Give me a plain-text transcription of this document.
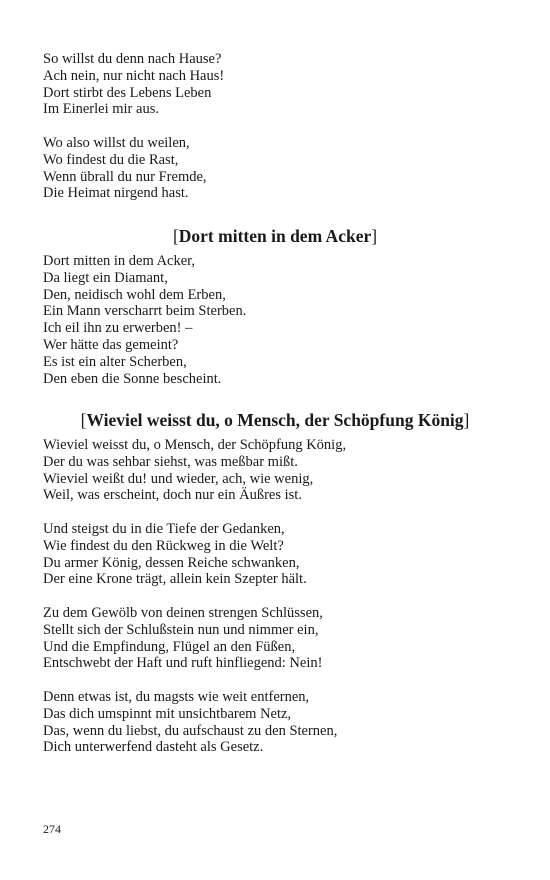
So willst du denn nach Hause?
Ach nein, nur nicht nach Haus!
Dort stirbt des Lebens Leben
Im Einerlei mir aus.
Wo also willst du weilen,
Wo findest du die Rast,
Wenn übrall du nur Fremde,
Die Heimat nirgend hast.
[Dort mitten in dem Acker]
Dort mitten in dem Acker,
Da liegt ein Diamant,
Den, neidisch wohl dem Erben,
Ein Mann verscharrt beim Sterben.
Ich eil ihn zu erwerben! –
Wer hätte das gemeint?
Es ist ein alter Scherben,
Den eben die Sonne bescheint.
[Wieviel weisst du, o Mensch, der Schöpfung König]
Wieviel weisst du, o Mensch, der Schöpfung König,
Der du was sehbar siehst, was meßbar mißt.
Wieviel weißt du! und wieder, ach, wie wenig,
Weil, was erscheint, doch nur ein Äußres ist.
Und steigst du in die Tiefe der Gedanken,
Wie findest du den Rückweg in die Welt?
Du armer König, dessen Reiche schwanken,
Der eine Krone trägt, allein kein Szepter hält.
Zu dem Gewölb von deinen strengen Schlüssen,
Stellt sich der Schlußstein nun und nimmer ein,
Und die Empfindung, Flügel an den Füßen,
Entschwebt der Haft und ruft hinfliegend: Nein!
Denn etwas ist, du magsts wie weit entfernen,
Das dich umspinnt mit unsichtbarem Netz,
Das, wenn du liebst, du aufschaust zu den Sternen,
Dich unterwerfend dasteht als Gesetz.
274
